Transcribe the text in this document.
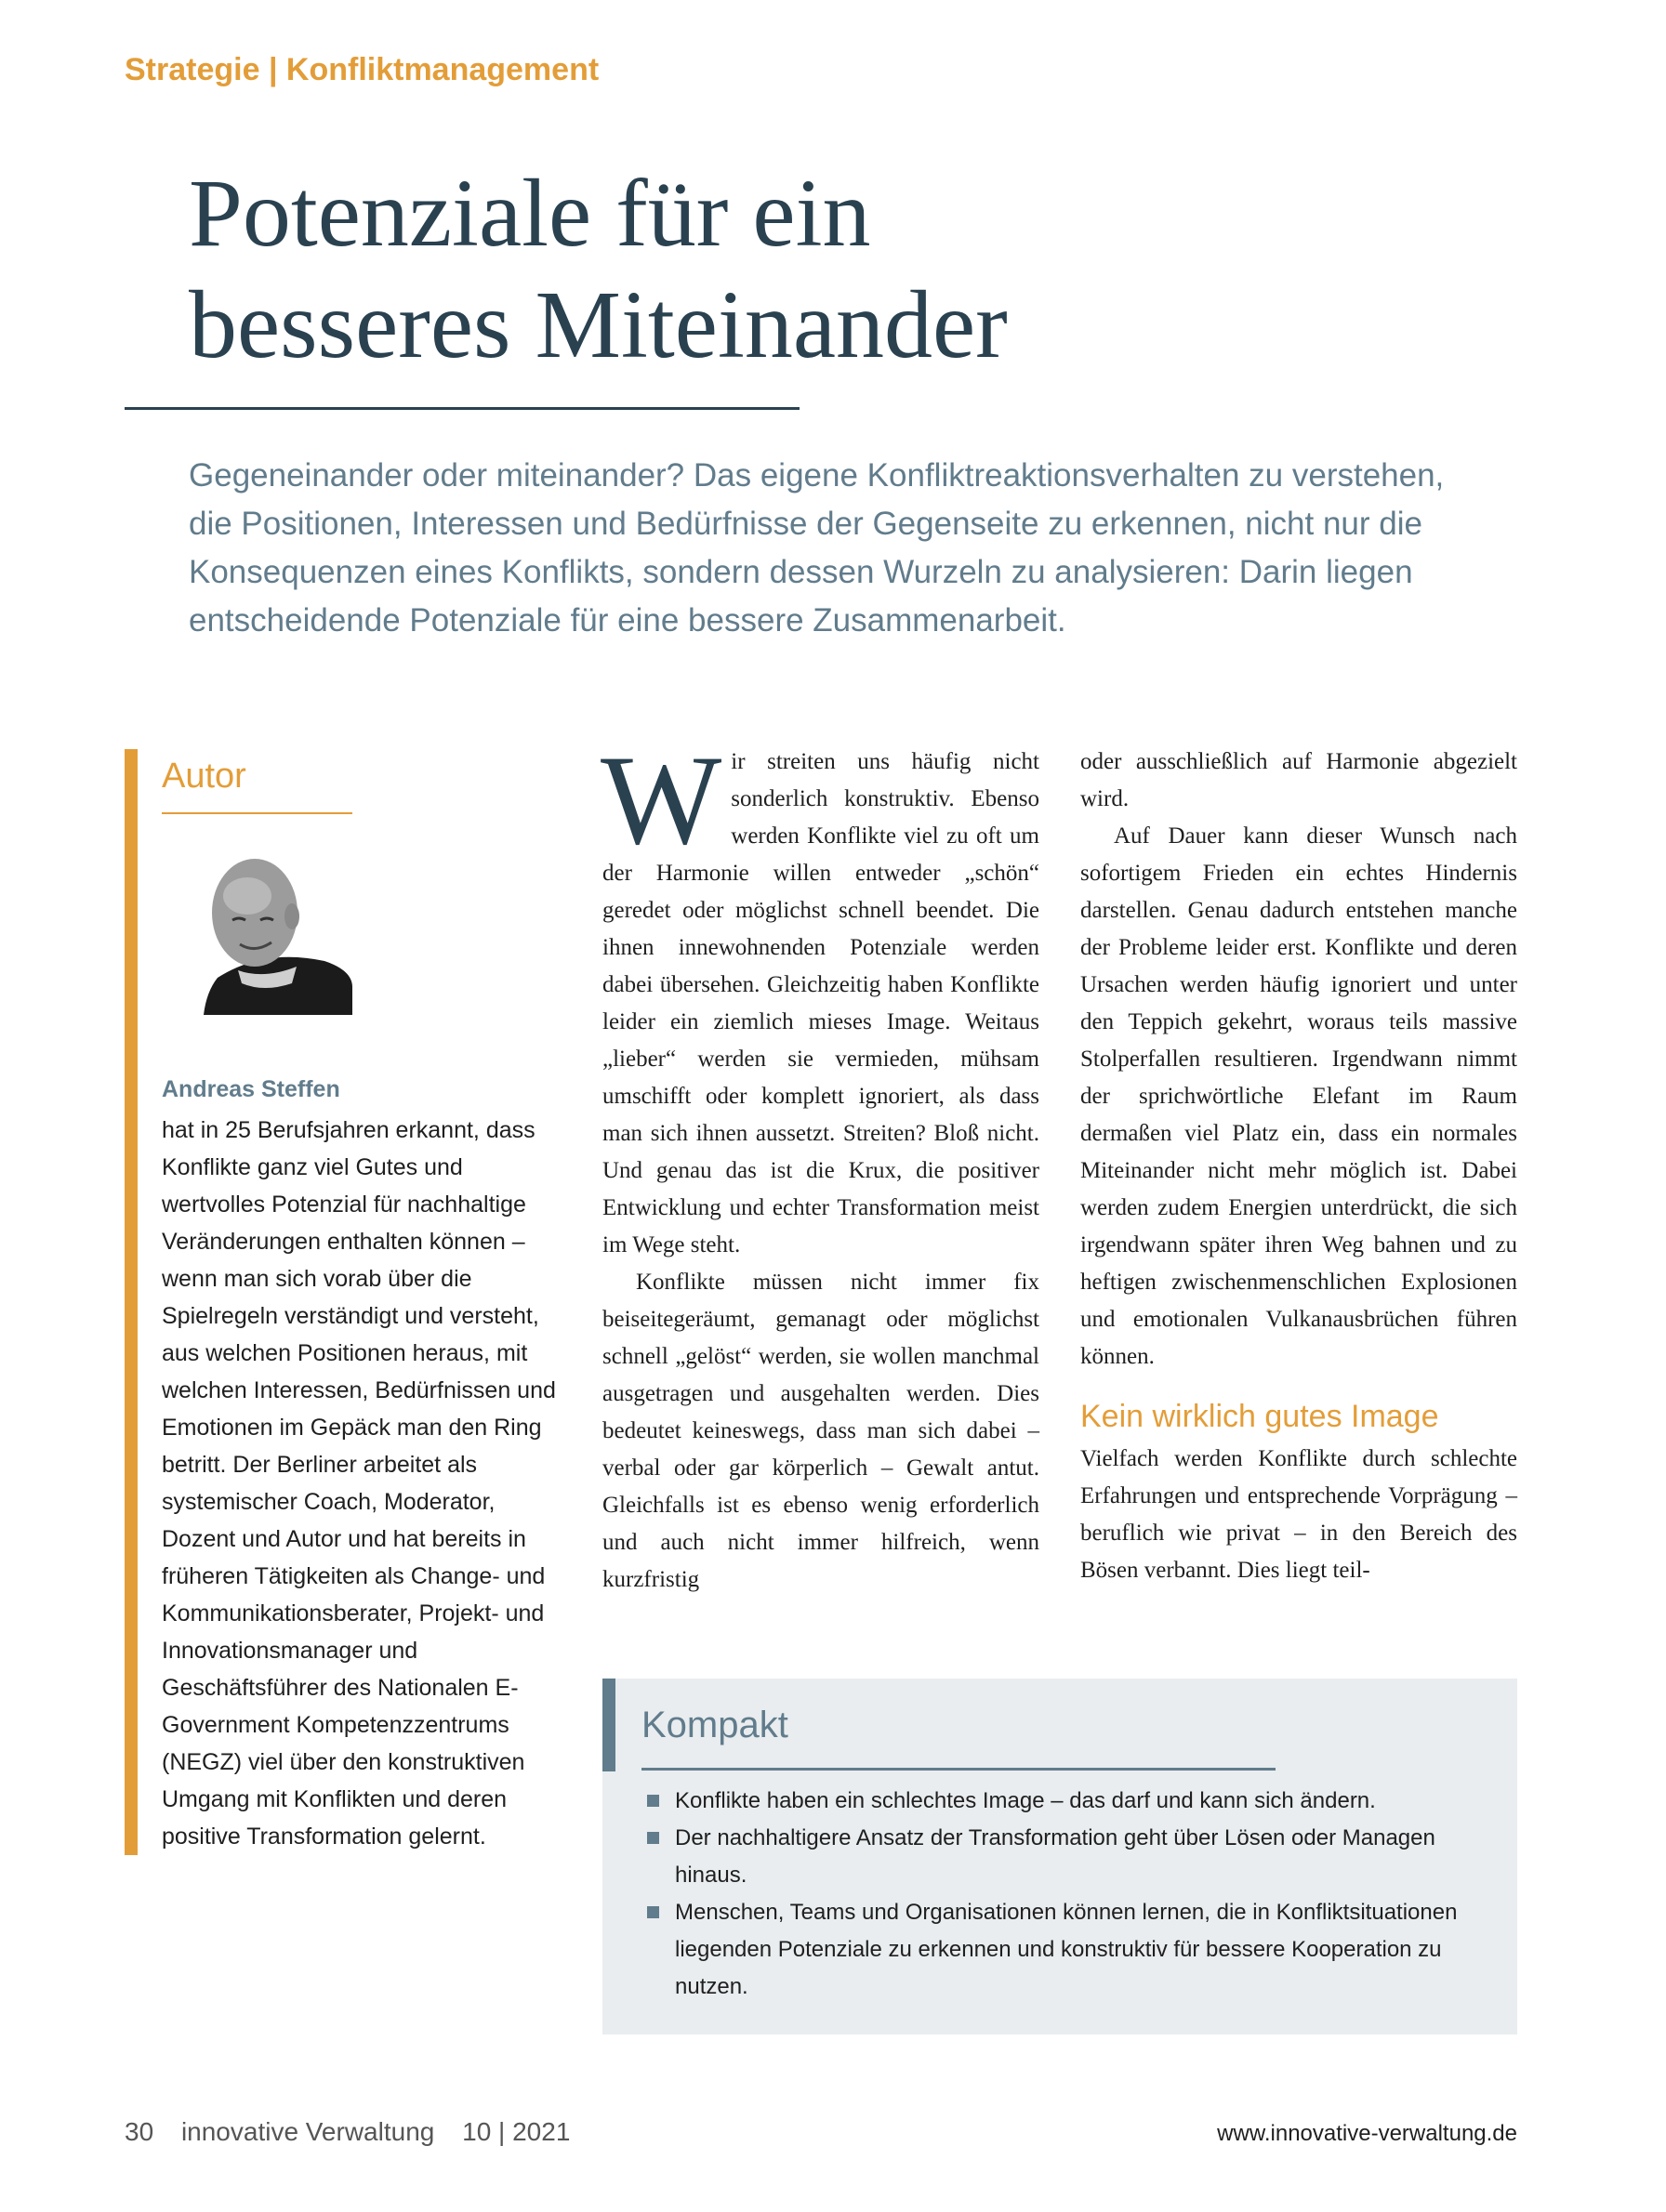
Strategie | Konfliktmanagement
Potenziale für ein
besseres Miteinander

Gegeneinander oder miteinander? Das eigene Konfliktreaktionsverhalten zu verstehen, die Positionen, Interessen und Bedürfnisse der Gegenseite zu erkennen, nicht nur die Konsequenzen eines Konflikts, sondern dessen Wurzeln zu analysieren: Darin liegen entscheidende Potenziale für eine bessere Zusammenarbeit.

Autor
Andreas Steffen

hat in 25 Berufsjahren erkannt, dass Konflikte ganz viel Gutes und wertvolles Potenzial für nachhaltige Veränderungen enthalten können – wenn man sich vorab über die Spielregeln verständigt und versteht, aus welchen Positionen heraus, mit welchen Interessen, Bedürfnissen und Emotionen im Gepäck man den Ring betritt. Der Berliner arbeitet als systemischer Coach, Moderator, Dozent und Autor und hat bereits in früheren Tätigkeiten als Change- und Kommunikationsberater, Projekt- und Innovationsmanager und Geschäftsführer des Nationalen E-Government Kompetenzzentrums (NEGZ) viel über den konstruktiven Umgang mit Konflikten und deren positive Transformation gelernt.

Wir streiten uns häufig nicht sonderlich konstruktiv. Ebenso werden Konflikte viel zu oft um der Harmonie willen entweder „schön“ geredet oder möglichst schnell beendet. Die ihnen innewohnenden Potenziale werden dabei übersehen. Gleichzeitig haben Konflikte leider ein ziemlich mieses Image. Weitaus „lieber“ werden sie vermieden, mühsam umschifft oder komplett ignoriert, als dass man sich ihnen aussetzt. Streiten? Bloß nicht. Und genau das ist die Krux, die positiver Entwicklung und echter Transformation meist im Wege steht.

Konflikte müssen nicht immer fix beiseitegeräumt, gemanagt oder möglichst schnell „gelöst“ werden, sie wollen manchmal ausgetragen und ausgehalten werden. Dies bedeutet keineswegs, dass man sich dabei – verbal oder gar körperlich – Gewalt antut. Gleichfalls ist es ebenso wenig erforderlich und auch nicht immer hilfreich, wenn kurzfristig

oder ausschließlich auf Harmonie abgezielt wird.

Auf Dauer kann dieser Wunsch nach sofortigem Frieden ein echtes Hindernis darstellen. Genau dadurch entstehen manche der Probleme leider erst. Konflikte und deren Ursachen werden häufig ignoriert und unter den Teppich gekehrt, woraus teils massive Stolperfallen resultieren. Irgendwann nimmt der sprichwörtliche Elefant im Raum dermaßen viel Platz ein, dass ein normales Miteinander nicht mehr möglich ist. Dabei werden zudem Energien unterdrückt, die sich irgendwann später ihren Weg bahnen und zu heftigen zwischenmenschlichen Explosionen und emotionalen Vulkanausbrüchen führen können.

Kein wirklich gutes Image

Vielfach werden Konflikte durch schlechte Erfahrungen und entsprechende Vorprägung – beruflich wie privat – in den Bereich des Bösen verbannt. Dies liegt teil-

Kompakt
Konflikte haben ein schlechtes Image – das darf und kann sich ändern.
Der nachhaltigere Ansatz der Transformation geht über Lösen oder Managen hinaus.
Menschen, Teams und Organisationen können lernen, die in Konfliktsituationen liegenden Potenziale zu erkennen und konstruktiv für bessere Kooperation zu nutzen.
30 innovative Verwaltung 10 | 2021	www.innovative-verwaltung.de
